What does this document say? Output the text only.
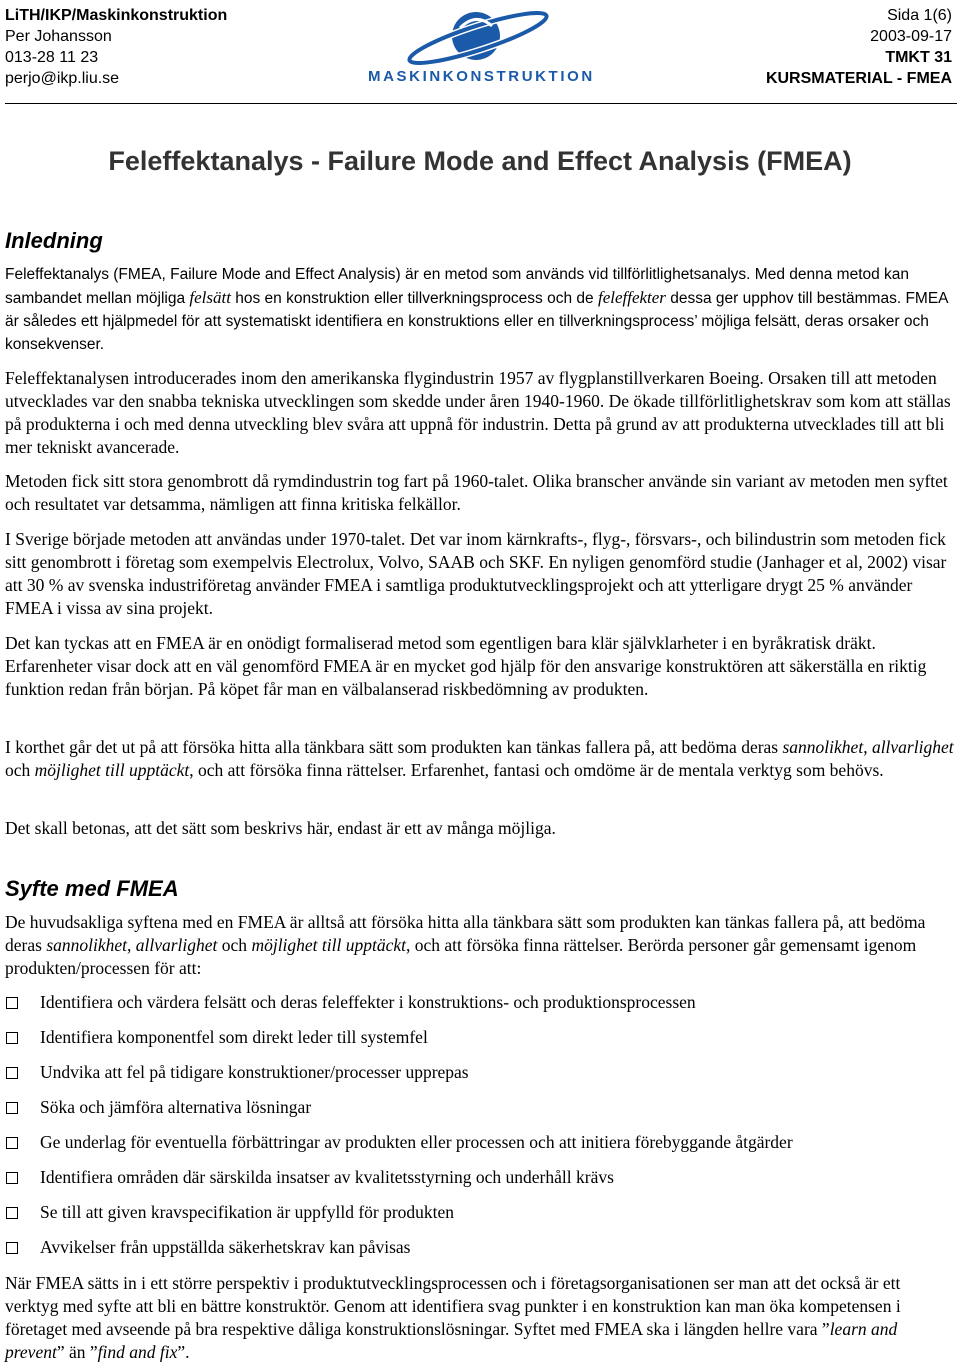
LiTH/IKP/Maskinkonstruktion
Per Johansson
013-28 11 23
perjo@ikp.liu.se	MASKINKONSTRUKTION
Sida 1(6)
2003-09-17
TMKT 31
KURSMATERIAL - FMEA
Feleffektanalys - Failure Mode and Effect Analysis (FMEA)
Inledning
Feleffektanalys (FMEA, Failure Mode and Effect Analysis) är en metod som används vid tillförlitlighetsanalys. Med denna metod kan sambandet mellan möjliga felsätt hos en konstruktion eller tillverkningsprocess och de feleffekter dessa ger upphov till bestämmas. FMEA är således ett hjälpmedel för att systematiskt identifiera en konstruktions eller en tillverkningsprocess’ möjliga felsätt, deras orsaker och konsekvenser.
Feleffektanalysen introducerades inom den amerikanska flygindustrin 1957 av flygplanstillverkaren Boeing. Orsaken till att metoden utvecklades var den snabba tekniska utvecklingen som skedde under åren 1940-1960. De ökade tillförlitlighetskrav som kom att ställas på produkterna i och med denna utveckling blev svåra att uppnå för industrin. Detta på grund av att produkterna utvecklades till att bli mer tekniskt avancerade.
Metoden fick sitt stora genombrott då rymdindustrin tog fart på 1960-talet. Olika branscher använde sin variant av metoden men syftet och resultatet var detsamma, nämligen att finna kritiska felkällor.
I Sverige började metoden att användas under 1970-talet. Det var inom kärnkrafts-, flyg-, försvars-, och bilindustrin som metoden fick sitt genombrott i företag som exempelvis Electrolux, Volvo, SAAB och SKF. En nyligen genomförd studie (Janhager et al, 2002) visar att 30 % av svenska industriföretag använder FMEA i samtliga produktutvecklingsprojekt och att ytterligare drygt 25 % använder FMEA i vissa av sina projekt.
Det kan tyckas att en FMEA är en onödigt formaliserad metod som egentligen bara klär självklarheter i en byråkratisk dräkt. Erfarenheter visar dock att en väl genomförd FMEA är en mycket god hjälp för den ansvarige konstruktören att säkerställa en riktig funktion redan från början. På köpet får man en välbalanserad riskbedömning av produkten.
I korthet går det ut på att försöka hitta alla tänkbara sätt som produkten kan tänkas fallera på, att bedöma deras sannolikhet, allvarlighet och möjlighet till upptäckt, och att försöka finna rättelser. Erfarenhet, fantasi och omdöme är de mentala verktyg som behövs.
Det skall betonas, att det sätt som beskrivs här, endast är ett av många möjliga.
Syfte med FMEA
De huvudsakliga syftena med en FMEA är alltså att försöka hitta alla tänkbara sätt som produkten kan tänkas fallera på, att bedöma deras sannolikhet, allvarlighet och möjlighet till upptäckt, och att försöka finna rättelser. Berörda personer går gemensamt igenom produkten/processen för att:
Identifiera och värdera felsätt och deras feleffekter i konstruktions- och produktionsprocessen
Identifiera komponentfel som direkt leder till systemfel
Undvika att fel på tidigare konstruktioner/processer upprepas
Söka och jämföra alternativa lösningar
Ge underlag för eventuella förbättringar av produkten eller processen och att initiera förebyggande åtgärder
Identifiera områden där särskilda insatser av kvalitetsstyrning och underhåll krävs
Se till att given kravspecifikation är uppfylld för produkten
Avvikelser från uppställda säkerhetskrav kan påvisas
När FMEA sätts in i ett större perspektiv i produktutvecklingsprocessen och i företagsorganisationen ser man att det också är ett verktyg med syfte att bli en bättre konstruktör. Genom att identifiera svag punkter i en konstruktion kan man öka kompetensen i företaget med avseende på bra respektive dåliga konstruktionslösningar. Syftet med FMEA ska i längden hellre vara ”learn and prevent” än ”find and fix”.
